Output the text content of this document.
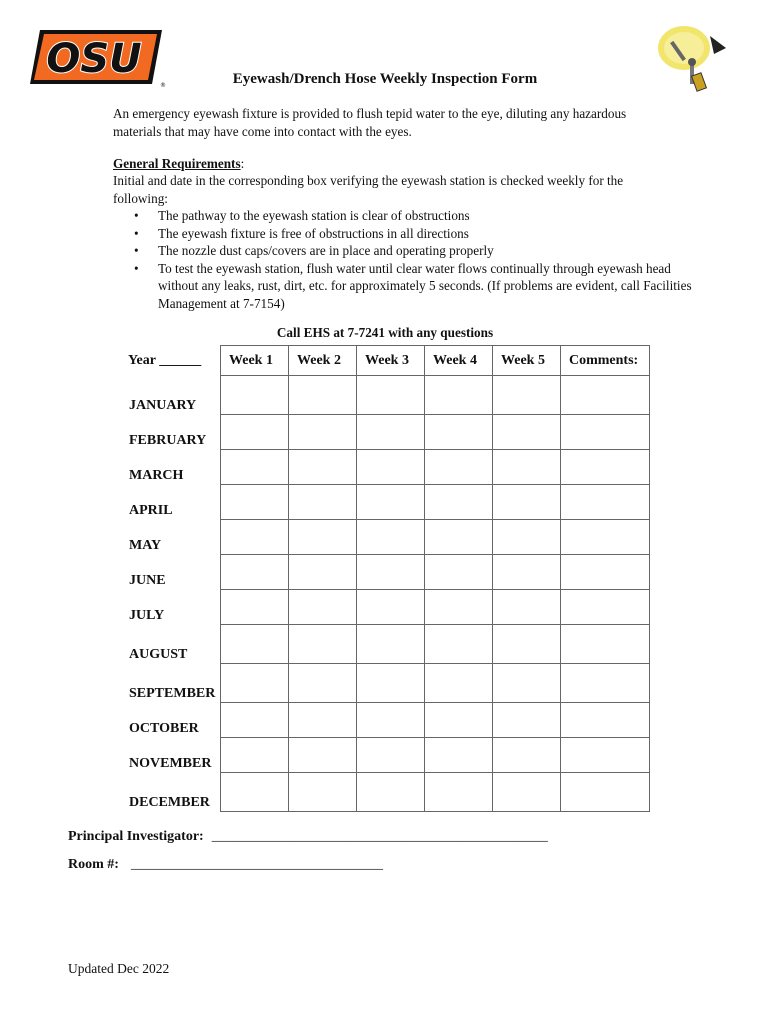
OSU
®	Eyewash/Drench Hose Weekly Inspection Form
An emergency eyewash fixture is provided to flush tepid water to the eye, diluting any hazardous materials that may have come into contact with the eyes.
General Requirements:
Initial and date in the corresponding box verifying the eyewash station is checked weekly for the following:
• The pathway to the eyewash station is clear of obstructions
• The eyewash fixture is free of obstructions in all directions
• The nozzle dust caps/covers are in place and operating properly
• To test the eyewash station, flush water until clear water flows continually through eyewash head without any leaks, rust, dirt, etc. for approximately 5 seconds. (If problems are evident, call Facilities Management at 7-7154)
Call EHS at 7-7241 with any questions
Year ______	Week 1	Week 2	Week 3	Week 4	Week 5	Comments:
JANUARY						
FEBRUARY						
MARCH						
APRIL						
MAY						
JUNE						
JULY						
AUGUST						
SEPTEMBER						
OCTOBER						
NOVEMBER						
DECEMBER						
Principal Investigator: ________________________________________________
Room #: ____________________________________
Updated Dec 2022
